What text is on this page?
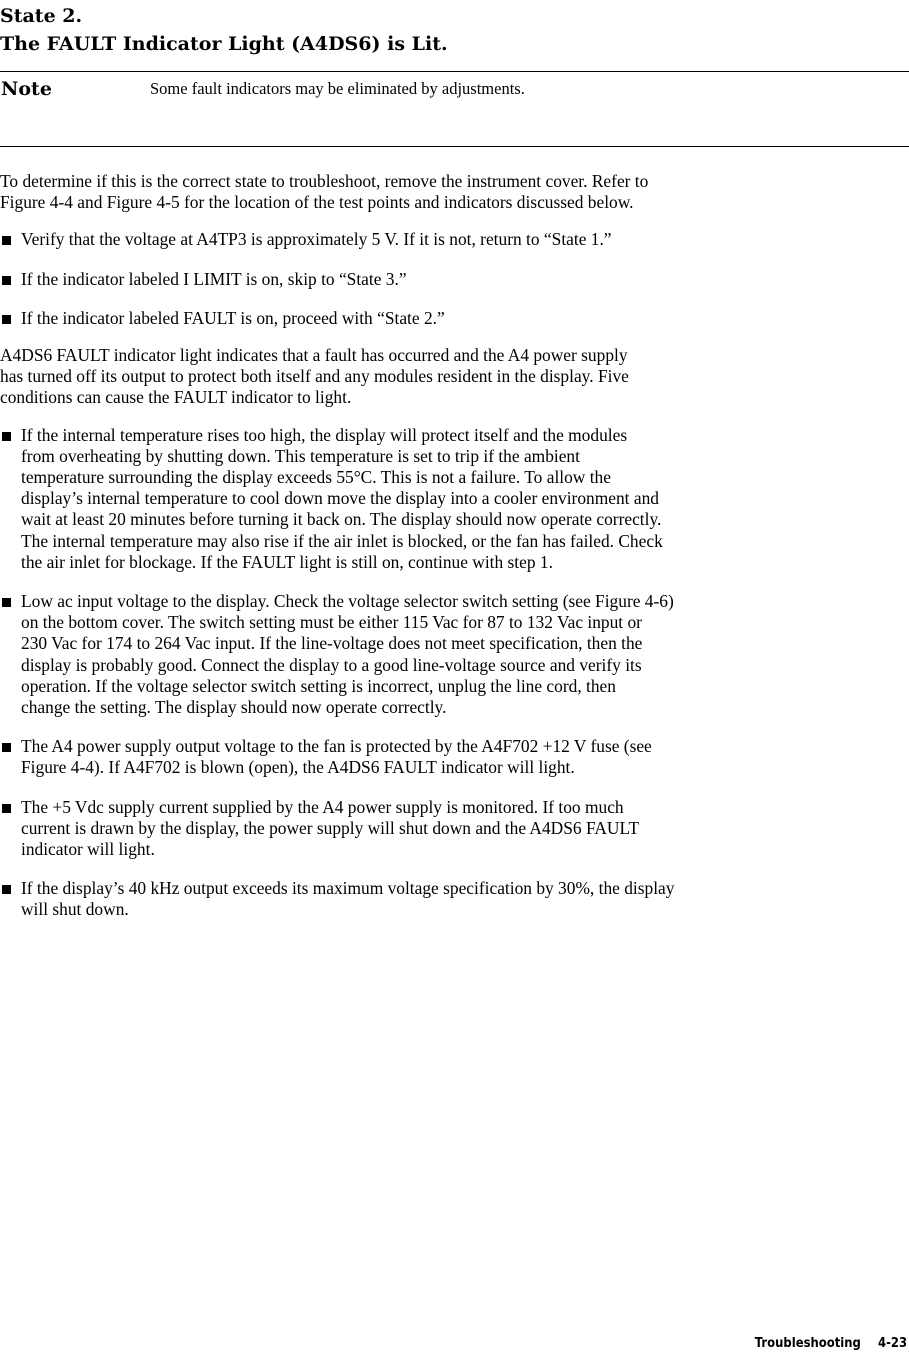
State 2.
The FAULT Indicator Light (A4DS6) is Lit.
Note	Some fault indicators may be eliminated by adjustments.

To determine if this is the correct state to troubleshoot, remove the instrument cover. Refer to
Figure 4-4 and Figure 4-5 for the location of the test points and indicators discussed below.

Verify that the voltage at A4TP3 is approximately 5 V. If it is not, return to “State 1.”
If the indicator labeled I LIMIT is on, skip to “State 3.”
If the indicator labeled FAULT is on, proceed with “State 2.”

A4DS6 FAULT indicator light indicates that a fault has occurred and the A4 power supply
has turned off its output to protect both itself and any modules resident in the display. Five
conditions can cause the FAULT indicator to light.

If the internal temperature rises too high, the display will protect itself and the modules
from overheating by shutting down. This temperature is set to trip if the ambient
temperature surrounding the display exceeds 55°C. This is not a failure. To allow the
display’s internal temperature to cool down move the display into a cooler environment and
wait at least 20 minutes before turning it back on. The display should now operate correctly.
The internal temperature may also rise if the air inlet is blocked, or the fan has failed. Check
the air inlet for blockage. If the FAULT light is still on, continue with step 1.
Low ac input voltage to the display. Check the voltage selector switch setting (see Figure 4-6)
on the bottom cover. The switch setting must be either 115 Vac for 87 to 132 Vac input or
230 Vac for 174 to 264 Vac input. If the line-voltage does not meet specification, then the
display is probably good. Connect the display to a good line-voltage source and verify its
operation. If the voltage selector switch setting is incorrect, unplug the line cord, then
change the setting. The display should now operate correctly.
The A4 power supply output voltage to the fan is protected by the A4F702 +12 V fuse (see
Figure 4-4). If A4F702 is blown (open), the A4DS6 FAULT indicator will light.
The +5 Vdc supply current supplied by the A4 power supply is monitored. If too much
current is drawn by the display, the power supply will shut down and the A4DS6 FAULT
indicator will light.
If the display’s 40 kHz output exceeds its maximum voltage specification by 30%, the display
will shut down.
Troubleshooting 4-23
